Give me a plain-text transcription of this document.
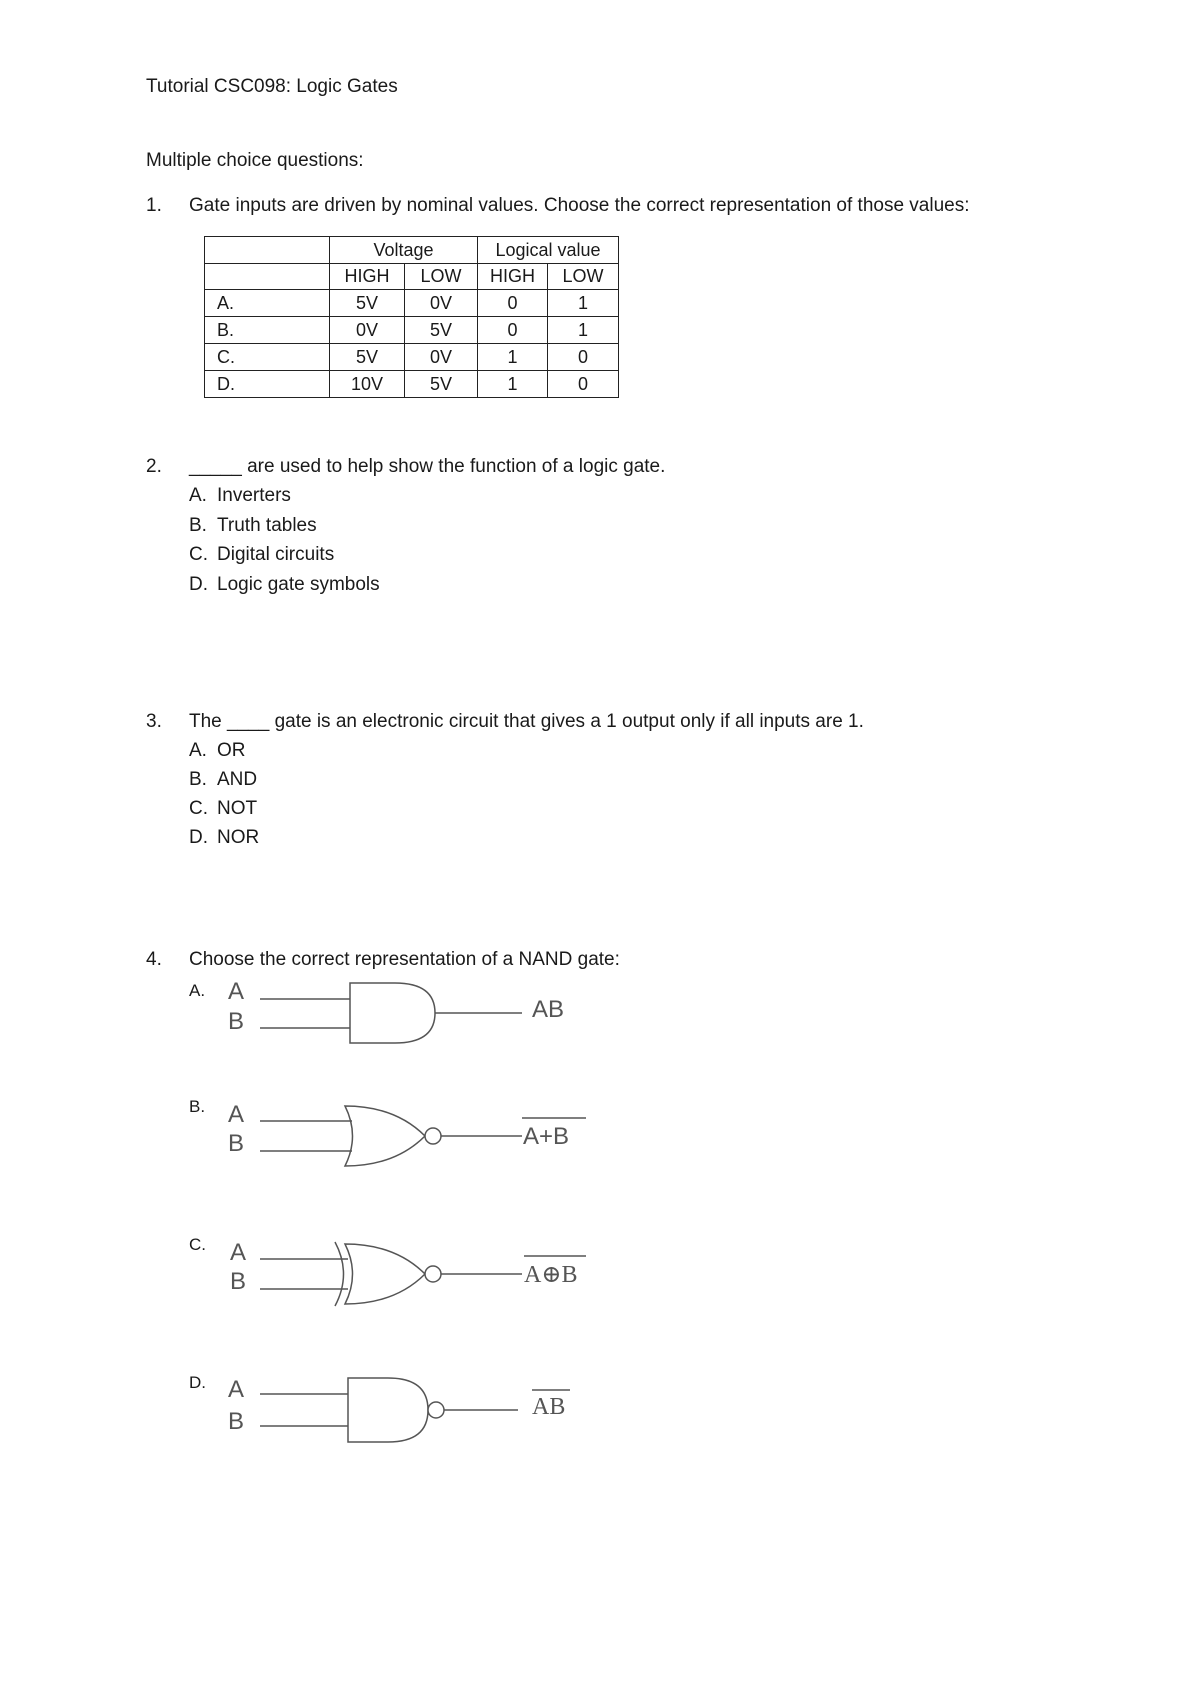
Tutorial CSC098: Logic Gates
Multiple choice questions:
1. Gate inputs are driven by nominal values. Choose the correct representation of those values:
	Voltage		Logical value	
	HIGH	LOW	HIGH	LOW
A.	5V	0V	0	1
B.	0V	5V	0	1
C.	5V	0V	1	0
D.	10V	5V	1	0
2. _____ are used to help show the function of a logic gate.
A. Inverters
B. Truth tables
C. Digital circuits
D. Logic gate symbols
3. The ____ gate is an electronic circuit that gives a 1 output only if all inputs are 1.
A. OR
B. AND
C. NOT
D. NOR
4. Choose the correct representation of a NAND gate:
A. A
B	AB
B. A
B	A+B
C. A
B	A⊕B
D. A
B
AB
